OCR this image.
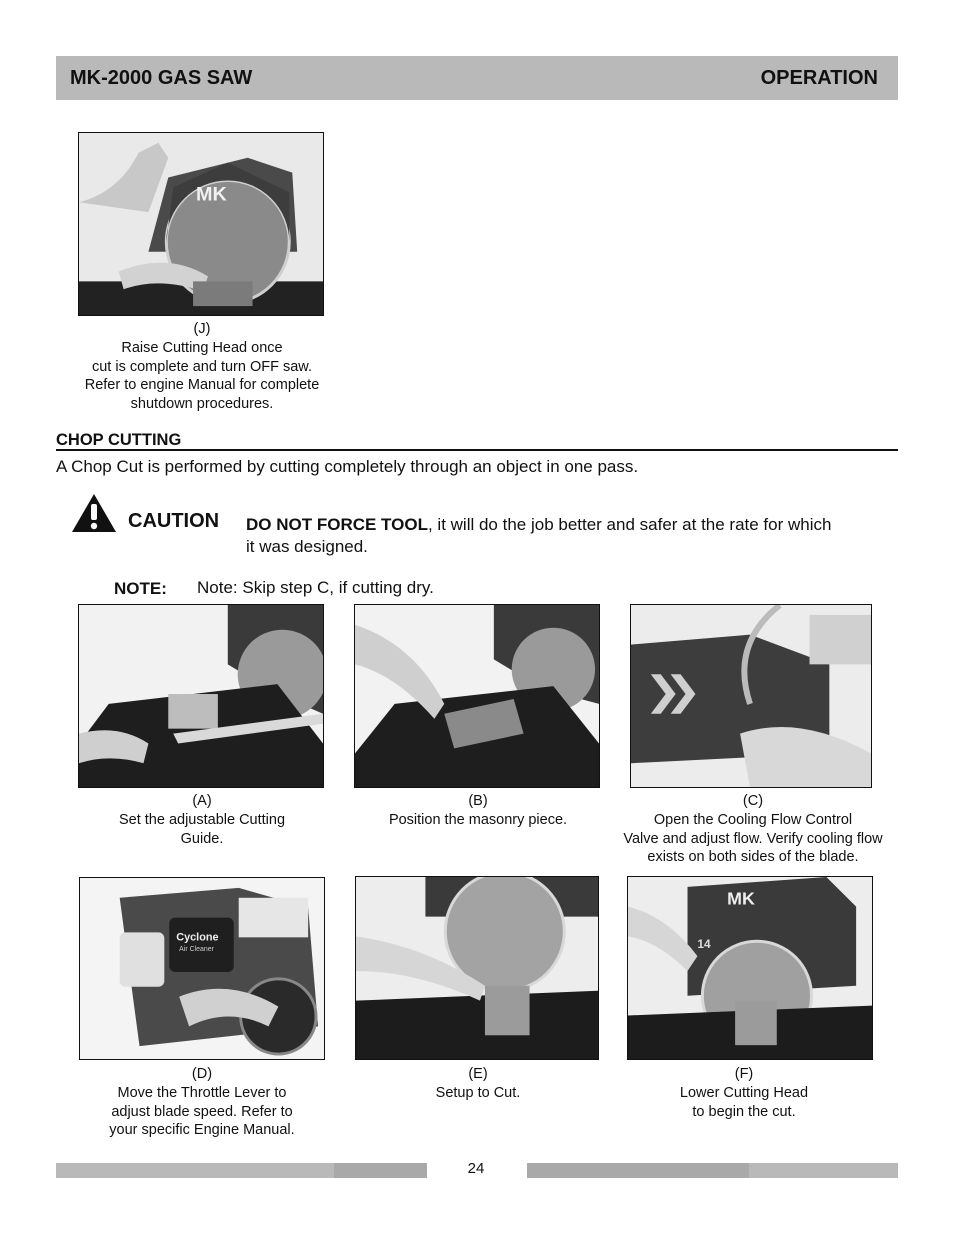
MK-2000 GAS SAW	OPERATION
MK
(J)
Raise Cutting Head once
cut is complete and turn OFF saw.
Refer to engine Manual for complete
shutdown procedures.
CHOP CUTTING
A Chop Cut is performed by cutting completely through an object in one pass.
CAUTION DO NOT FORCE TOOL, it will do the job better and safer at the rate for which
it was designed.
NOTE: Note: Skip step C, if cutting dry.
(A)
Set the adjustable Cutting
Guide.
(B)
Position the masonry piece.
(C)
Open the Cooling Flow Control
Valve and adjust flow. Verify cooling flow
exists on both sides of the blade.
Cyclone
Air Cleaner
(D)
Move the Throttle Lever to
adjust blade speed. Refer to
your specific Engine Manual.
(E)
Setup to Cut.
MK
14
(F)
Lower Cutting Head
to begin the cut.
24
